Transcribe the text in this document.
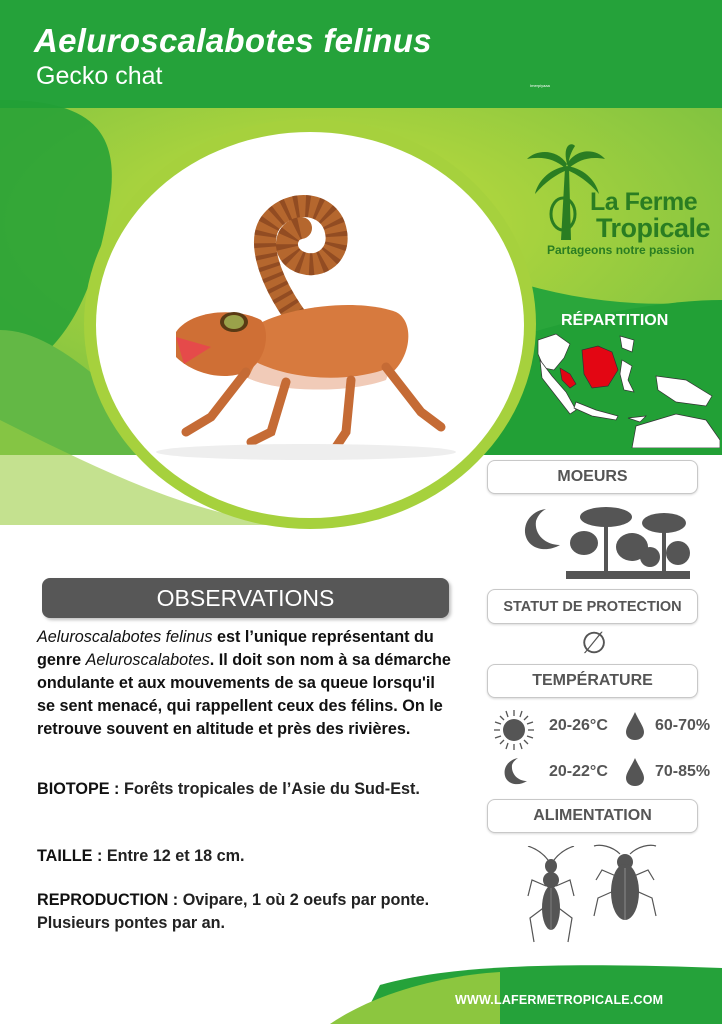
Aeluroscalabotes felinus
Gecko chat	Imerpiyaaa
La Ferme
Tropicale
Partageons notre passion
RÉPARTITION
MOEURS
STATUT DE PROTECTION
∅
TEMPÉRATURE
20-26°C	60-70%
20-22°C	70-85%
ALIMENTATION
OBSERVATIONS
Aeluroscalabotes felinus est l’unique représentant du genre Aeluroscalabotes. Il doit son nom à sa démarche ondulante et aux mouvements de sa queue lorsqu'il se sent menacé, qui rappellent ceux des félins. On le retrouve souvent en altitude et près des rivières.
BIOTOPE : Forêts tropicales de l’Asie du Sud-Est.
TAILLE : Entre 12 et 18 cm.
REPRODUCTION : Ovipare, 1 où 2 oeufs par ponte. Plusieurs pontes par an.
WWW.LAFERMETROPICALE.COM
